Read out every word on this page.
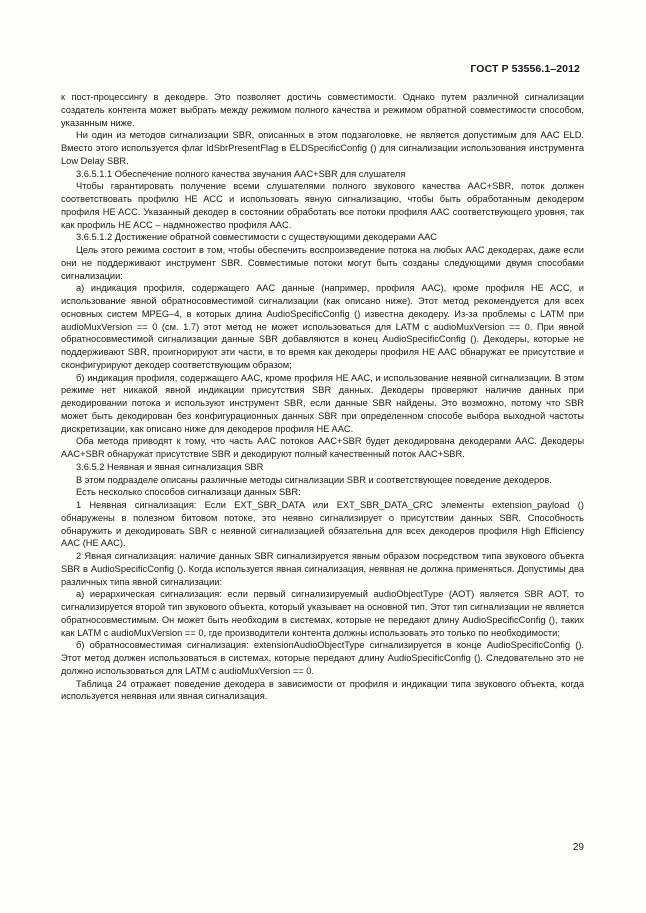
ГОСТ Р 53556.1–2012

к пост-процессингу в декодере. Это позволяет достичь совместимости. Однако путем различной сигнализации создатель контента может выбрать между режимом полного качества и режимом обратной совместимости способом, указанным ниже.

Ни один из методов сигнализации SBR, описанных в этом подзаголовке, не является допустимым для AAC ELD. Вместо этого используется флаг ldSbrPresentFlag в ELDSpecificConfig () для сигнализации использования инструмента Low Delay SBR.

3.6.5.1.1 Обеспечение полного качества звучания AAC+SBR для слушателя

Чтобы гарантировать получение всеми слушателями полного звукового качества AAC+SBR, поток должен соответствовать профилю HE ACC и использовать явную сигнализацию, чтобы быть обработанным декодером профиля HE ACC. Указанный декодер в состоянии обработать все потоки профиля AAC соответствующего уровня, так как профиль HE ACC – надмножество профиля AAC.

3.6.5.1.2 Достижение обратной совместимости с существующими декодерами AAC

Цель этого режима состоит в том, чтобы обеспечить воспроизведение потока на любых AAC декодерах, даже если они не поддерживают инструмент SBR. Совместимые потоки могут быть созданы следующими двумя способами сигнализации:

а) индикация профиля, содержащего AAC данные (например, профиля AAC), кроме профиля HE ACC, и использование явной обратносовместимой сигнализации (как описано ниже). Этот метод рекомендуется для всех основных систем MPEG–4, в которых длина AudioSpecificConfig () известна декодеру. Из-за проблемы с LATM при audioMuxVersion == 0 (см. 1.7) этот метод не может использоваться для LATM с audioMuxVersion == 0. При явной обратносовместимой сигнализации данные SBR добавляются в конец AudioSpecificConfig (). Декодеры, которые не поддерживают SBR, проигнорируют эти части, в то время как декодеры профиля HE AAC обнаружат ее присутствие и сконфигурируют декодер соответствующим образом;

б) индикация профиля, содержащего AAC, кроме профиля HE AAC, и использование неявной сигнализации. В этом режиме нет никакой явной индикации присутствия SBR данных. Декодеры проверяют наличие данных при декодировании потока и используют инструмент SBR, если данные SBR найдены. Это возможно, потому что SBR может быть декодирован без конфигурационных данных SBR при определенном способе выбора выходной частоты дискретизации, как описано ниже для декодеров профиля HE AAC.

Оба метода приводят к тому, что часть AAC потоков AAC+SBR будет декодирована декодерами AAC. Декодеры AAC+SBR обнаружат присутствие SBR и декодируют полный качественный поток AAC+SBR.

3.6.5.2 Неявная и явная сигнализация SBR

В этом подразделе описаны различные методы сигнализации SBR и соответствующее поведение декодеров.

Есть несколько способов сигнализаци данных SBR:

1 Неявная сигнализация: Если EXT_SBR_DATA или EXT_SBR_DATA_CRC элементы extension_payload () обнаружены в полезном битовом потоке, это неявно сигнализирует о присутствии данных SBR. Способность обнаружить и декодировать SBR с неявной сигнализацией обязательна для всех декодеров профиля High Efficiency AAC (HE AAC).

2 Явная сигнализация: наличие данных SBR сигнализируется явным образом посредством типа звукового объекта SBR в AudioSpecificConfig (). Когда используется явная сигнализация, неявная не должна применяться. Допустимы два различных типа явной сигнализации:

а) иерархическая сигнализация: если первый сигнализируемый audioObjectType (AOT) является SBR AOT, то сигнализируется второй тип звукового объекта, который указывает на основной тип. Этот тип сигнализации не является обратносовместимым. Он может быть необходим в системах, которые не передают длину AudioSpecificConfig (), таких как LATM с audioMuxVersion == 0, где производители контента должны использовать это только по необходимости;

б) обратносовместимая сигнализация: extensionAudioObjectType сигнализируется в конце AudioSpecificConfig (). Этот метод должен использоваться в системах, которые передают длину AudioSpecificConfig (). Следовательно это не должно использоваться для LATM с audioMuxVersion == 0.

Таблица 24 отражает поведение декодера в зависимости от профиля и индикации типа звукового объекта, когда используется неявная или явная сигнализация.

29
